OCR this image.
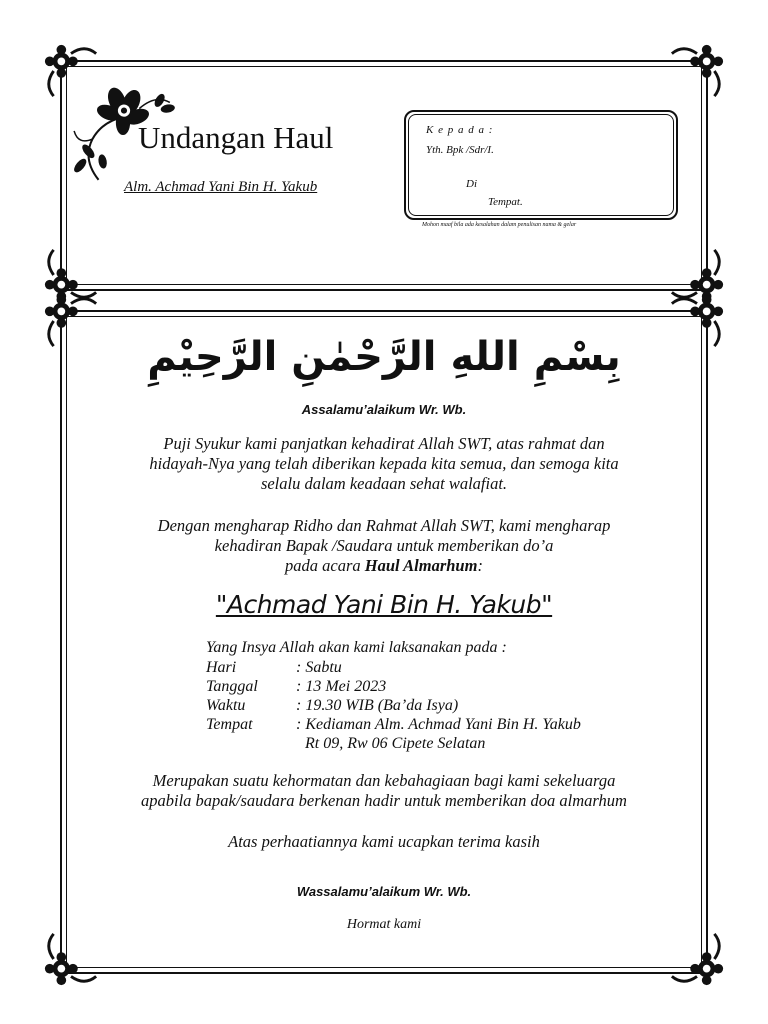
Undangan Haul
Alm. Achmad Yani Bin H. Yakub
K e p a d a :
Yth. Bpk /Sdr/I.
Di
Tempat.
Mohon maaf bila ada kesalahan dalam penulisan nama & gelar
بِسْمِ اللهِ الرَّحْمٰنِ الرَّحِيْمِ
Assalamu’alaikum Wr. Wb.
Puji Syukur kami panjatkan kehadirat Allah SWT, atas rahmat dan
hidayah-Nya yang telah diberikan kepada kita semua, dan semoga kita
selalu dalam keadaan sehat walafiat.
Dengan mengharap Ridho dan Rahmat Allah SWT, kami mengharap
kehadiran Bapak /Saudara untuk memberikan do’a
pada acara Haul Almarhum:
"Achmad Yani Bin H. Yakub"
Yang Insya Allah akan kami laksanakan pada :
Hari	: Sabtu
Tanggal : 13 Mei 2023
Waktu	: 19.30 WIB (Ba’da Isya)
Tempat	: Kediaman Alm. Achmad Yani Bin H. Yakub
Rt 09, Rw 06 Cipete Selatan
Merupakan suatu kehormatan dan kebahagiaan bagi kami sekeluarga
apabila bapak/saudara berkenan hadir untuk memberikan doa almarhum
Atas perhaatiannya kami ucapkan terima kasih
Wassalamu’alaikum Wr. Wb.
Hormat kami
